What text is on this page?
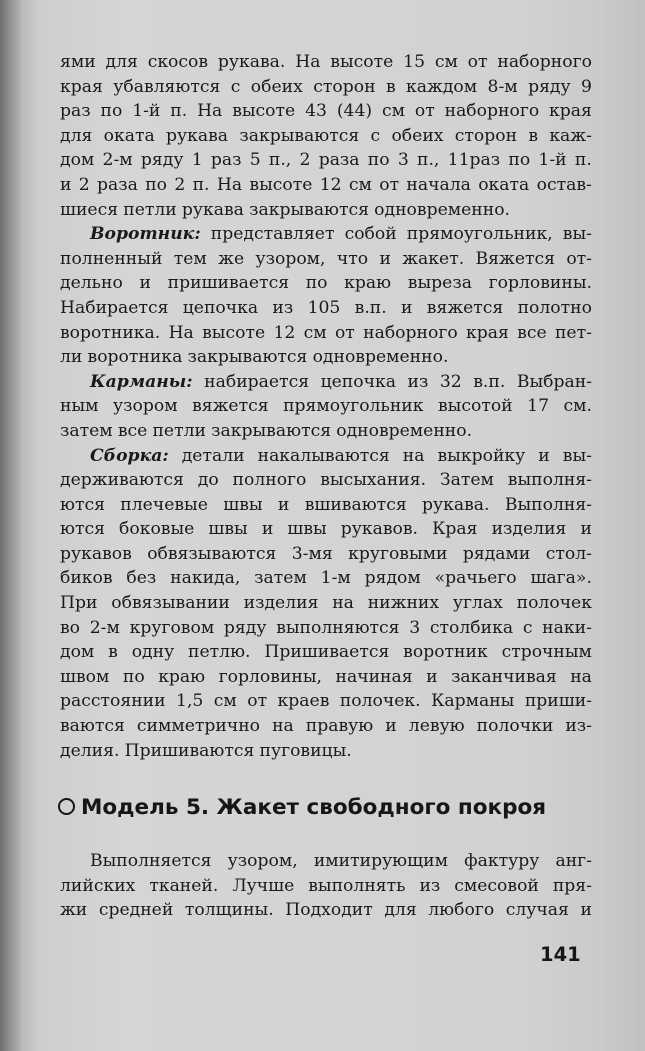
ями для скосов рукава. На высоте 15 см от наборного
края убавляются с обеих сторон в каждом 8-м ряду 9
раз по 1-й п. На высоте 43 (44) см от наборного края
для оката рукава закрываются с обеих сторон в каж-
дом 2-м ряду 1 раз 5 п., 2 раза по 3 п., 11раз по 1-й п.
и 2 раза по 2 п. На высоте 12 см от начала оката остав-
шиеся петли рукава закрываются одновременно.
Воротник: представляет собой прямоугольник, вы-
полненный тем же узором, что и жакет. Вяжется от-
дельно и пришивается по краю выреза горловины.
Набирается цепочка из 105 в.п. и вяжется полотно
воротника. На высоте 12 см от наборного края все пет-
ли воротника закрываются одновременно.
Карманы: набирается цепочка из 32 в.п. Выбран-
ным узором вяжется прямоугольник высотой 17 см.
затем все петли закрываются одновременно.
Сборка: детали накалываются на выкройку и вы-
держиваются до полного высыхания. Затем выполня-
ются плечевые швы и вшиваются рукава. Выполня-
ются боковые швы и швы рукавов. Края изделия и
рукавов обвязываются 3-мя круговыми рядами стол-
биков без накида, затем 1-м рядом «рачьего шага».
При обвязывании изделия на нижних углах полочек
во 2-м круговом ряду выполняются 3 столбика с наки-
дом в одну петлю. Пришивается воротник строчным
швом по краю горловины, начиная и заканчивая на
расстоянии 1,5 см от краев полочек. Карманы приши-
ваются симметрично на правую и левую полочки из-
делия. Пришиваются пуговицы.
Модель 5. Жакет свободного покроя
Выполняется узором, имитирующим фактуру анг-
лийских тканей. Лучше выполнять из смесовой пря-
жи средней толщины. Подходит для любого случая и
141
